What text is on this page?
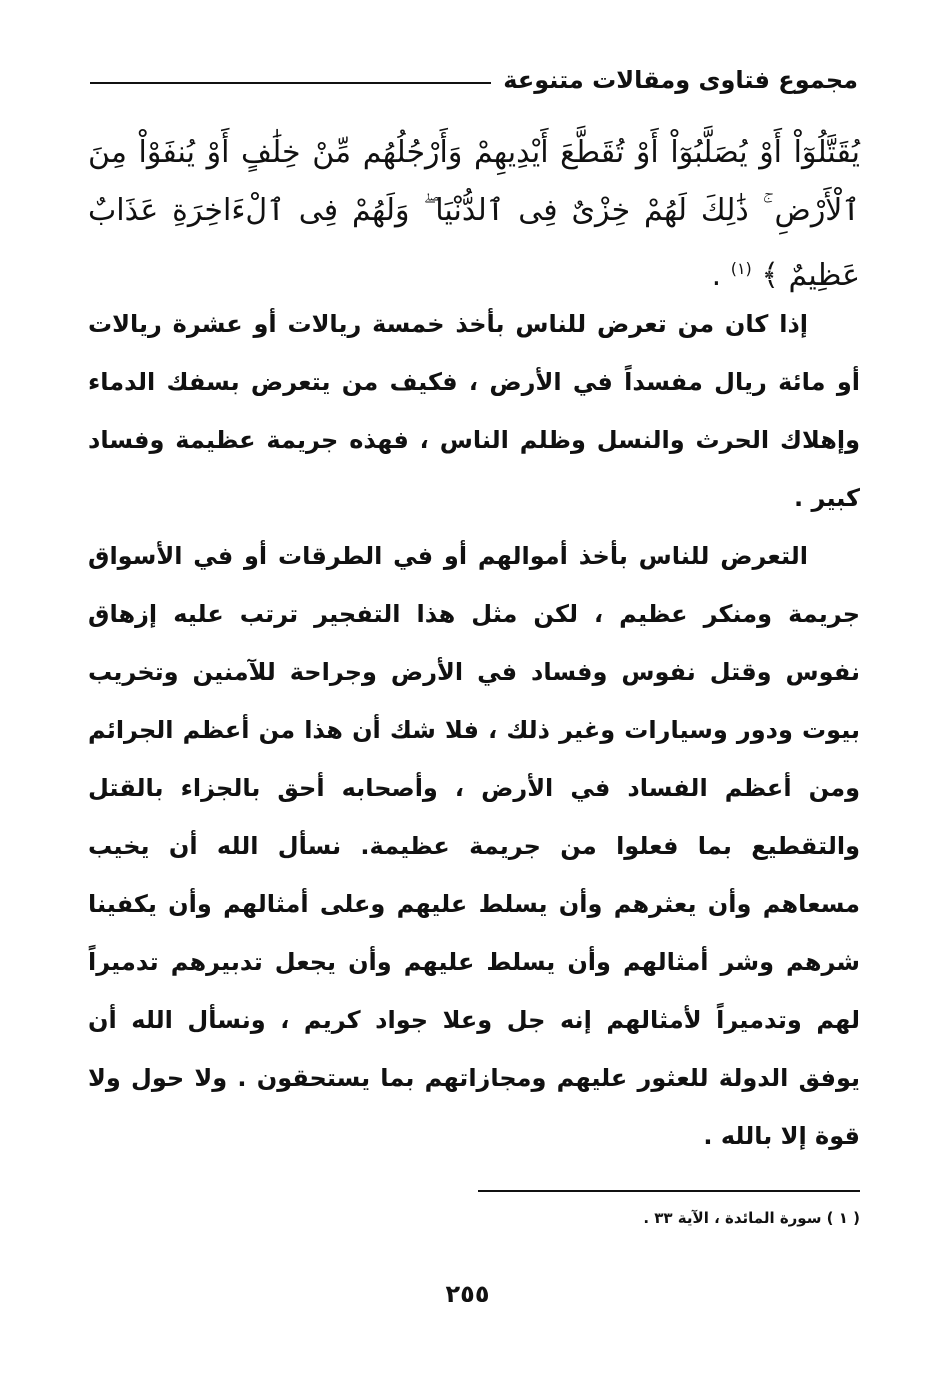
مجموع فتاوى ومقالات متنوعة

يُقَتَّلُوٓاْ أَوْ يُصَلَّبُوٓاْ أَوْ تُقَطَّعَ أَيْدِيهِمْ وَأَرْجُلُهُم مِّنْ خِلَٰفٍ أَوْ يُنفَوْاْ مِنَ ٱلْأَرْضِ ۚ ذَٰلِكَ لَهُمْ خِزْىٌ فِى ٱلدُّنْيَا ۖ وَلَهُمْ فِى ٱلْءَاخِرَةِ عَذَابٌ عَظِيمٌ ﴾ $^{(١)}$ .

إذا كان من تعرض للناس بأخذ خمسة ريالات أو عشرة ريالات أو مائة ريال مفسداً في الأرض ، فكيف من يتعرض بسفك الدماء وإهلاك الحرث والنسل وظلم الناس ، فهذه جريمة عظيمة وفساد كبير .

التعرض للناس بأخذ أموالهم أو في الطرقات أو في الأسواق جريمة ومنكر عظيم ، لكن مثل هذا التفجير ترتب عليه إزهاق نفوس وقتل نفوس وفساد في الأرض وجراحة للآمنين وتخريب بيوت ودور وسيارات وغير ذلك ، فلا شك أن هذا من أعظم الجرائم ومن أعظم الفساد في الأرض ، وأصحابه أحق بالجزاء بالقتل والتقطيع بما فعلوا من جريمة عظيمة. نسأل الله أن يخيب مسعاهم وأن يعثرهم وأن يسلط عليهم وعلى أمثالهم وأن يكفينا شرهم وشر أمثالهم وأن يسلط عليهم وأن يجعل تدبيرهم تدميراً لهم وتدميراً لأمثالهم إنه جل وعلا جواد كريم ، ونسأل الله أن يوفق الدولة للعثور عليهم ومجازاتهم بما يستحقون . ولا حول ولا قوة إلا بالله .

( ١ ) سورة المائدة ، الآية ٣٣ .
٢٥٥
